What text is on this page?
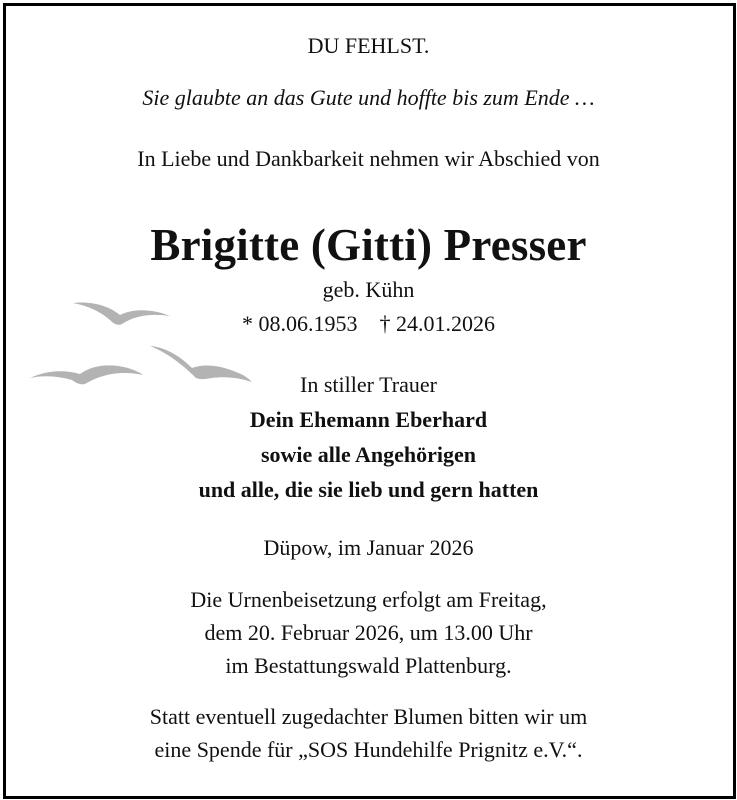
DU FEHLST.
Sie glaubte an das Gute und hoffte bis zum Ende …
In Liebe und Dankbarkeit nehmen wir Abschied von
Brigitte (Gitti) Presser
geb. Kühn
* 08.06.1953    † 24.01.2026
In stiller Trauer
Dein Ehemann Eberhard
sowie alle Angehörigen
und alle, die sie lieb und gern hatten
Düpow, im Januar 2026
Die Urnenbeisetzung erfolgt am Freitag,
dem 20. Februar 2026, um 13.00 Uhr
im Bestattungswald Plattenburg.
Statt eventuell zugedachter Blumen bitten wir um
eine Spende für „SOS Hundehilfe Prignitz e.V.“.
